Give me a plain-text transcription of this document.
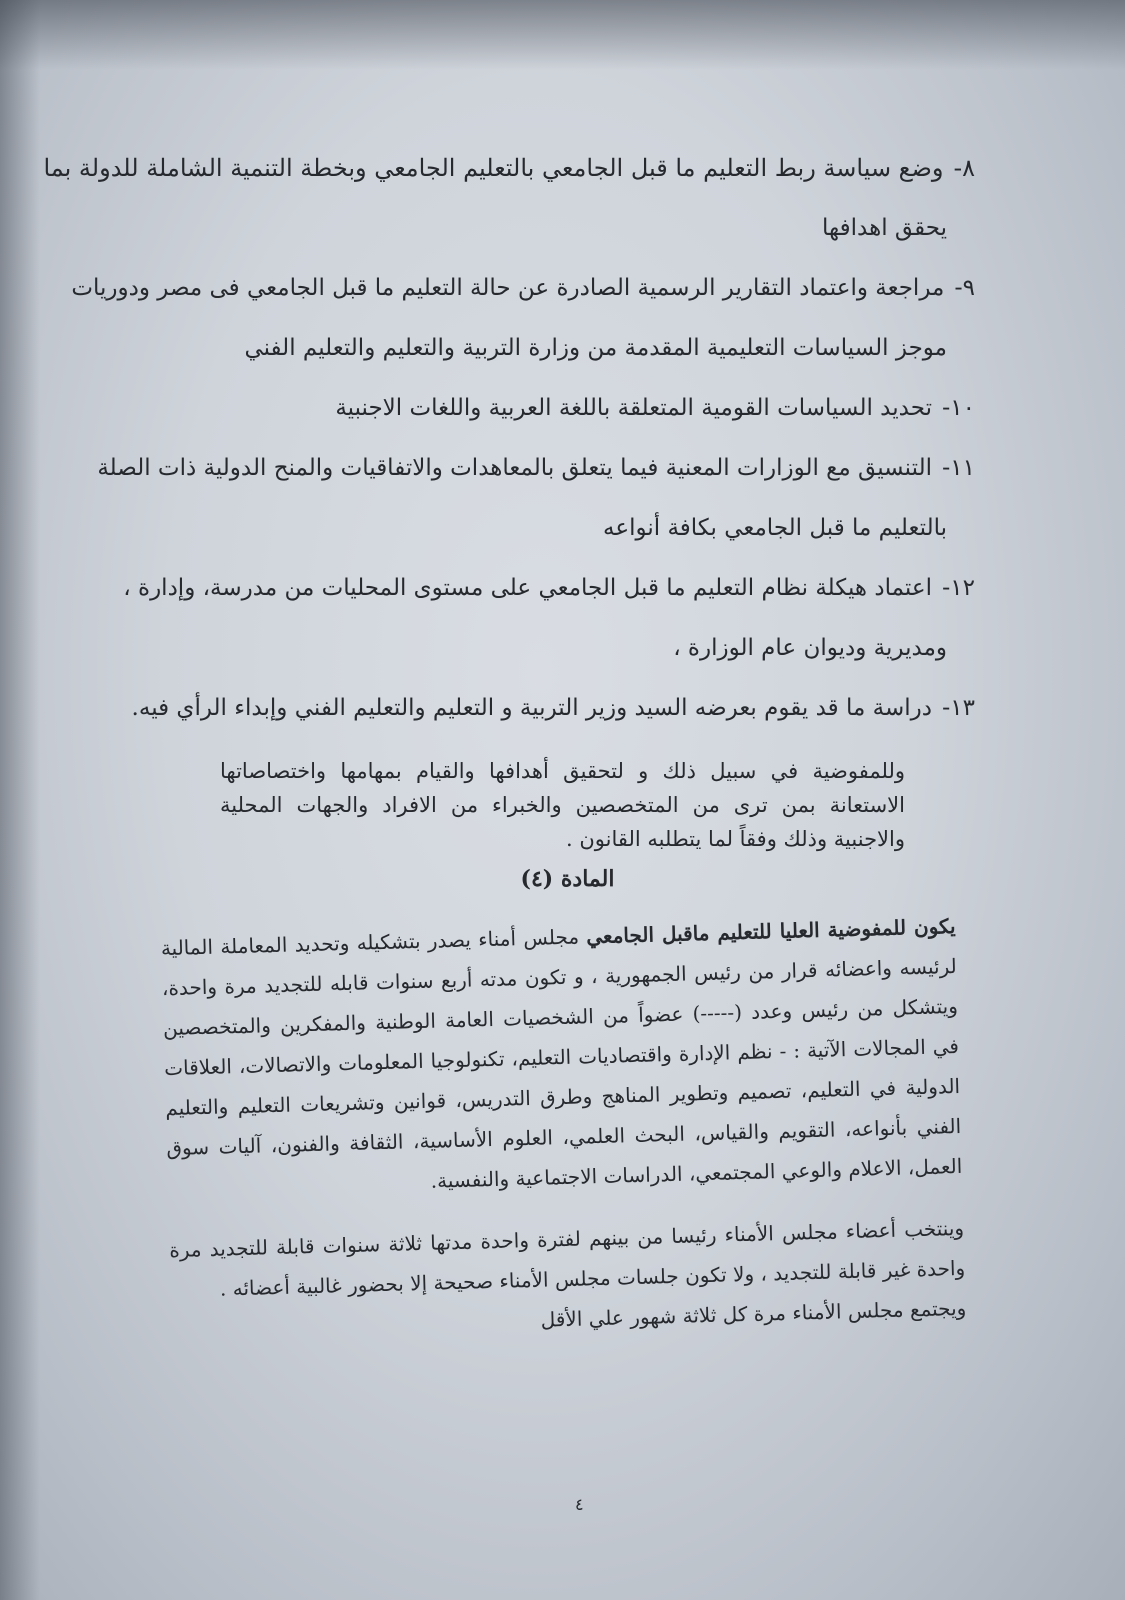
٨-وضع سياسة ربط التعليم ما قبل الجامعي بالتعليم الجامعي وبخطة التنمية الشاملة للدولة بما

يحقق اهدافها

٩-مراجعة واعتماد التقارير الرسمية الصادرة عن حالة التعليم ما قبل الجامعي فى مصر ودوريات

موجز السياسات التعليمية المقدمة من وزارة التربية والتعليم والتعليم الفني

١٠-تحديد السياسات القومية المتعلقة باللغة العربية واللغات الاجنبية

١١-التنسيق مع الوزارات المعنية فيما يتعلق بالمعاهدات والاتفاقيات والمنح الدولية ذات الصلة

بالتعليم ما قبل الجامعي بكافة أنواعه

١٢-اعتماد هيكلة نظام التعليم ما قبل الجامعي على مستوى المحليات من مدرسة، وإدارة ،

ومديرية وديوان عام الوزارة ،

١٣-دراسة ما قد يقوم بعرضه السيد وزير التربية و التعليم والتعليم الفني وإبداء الرأي فيه.

وللمفوضية في سبيل ذلك و لتحقيق أهدافها والقيام بمهامها واختصاصاتها الاستعانة بمن ترى من المتخصصين والخبراء من الافراد والجهات المحلية والاجنبية وذلك وفقاً لما يتطلبه القانون .

المادة (٤)

يكون للمفوضية العليا للتعليم ماقبل الجامعي مجلس أمناء يصدر بتشكيله وتحديد المعاملة المالية لرئيسه واعضائه قرار من رئيس الجمهورية ، و تكون مدته أربع سنوات قابله للتجديد مرة واحدة، ويتشكل من رئيس وعدد (-----) عضواً من الشخصيات العامة الوطنية والمفكرين والمتخصصين في المجالات الآتية : - نظم الإدارة واقتصاديات التعليم، تكنولوجيا المعلومات والاتصالات، العلاقات الدولية في التعليم، تصميم وتطوير المناهج وطرق التدريس، قوانين وتشريعات التعليم والتعليم الفني بأنواعه، التقويم والقياس، البحث العلمي، العلوم الأساسية، الثقافة والفنون، آليات سوق العمل، الاعلام والوعي المجتمعي، الدراسات الاجتماعية والنفسية.

وينتخب أعضاء مجلس الأمناء رئيسا من بينهم لفترة واحدة مدتها ثلاثة سنوات قابلة للتجديد مرة واحدة غير قابلة للتجديد ، ولا تكون جلسات مجلس الأمناء صحيحة إلا بحضور غالبية أعضائه .

ويجتمع مجلس الأمناء مرة كل ثلاثة شهور علي الأقل

٤
